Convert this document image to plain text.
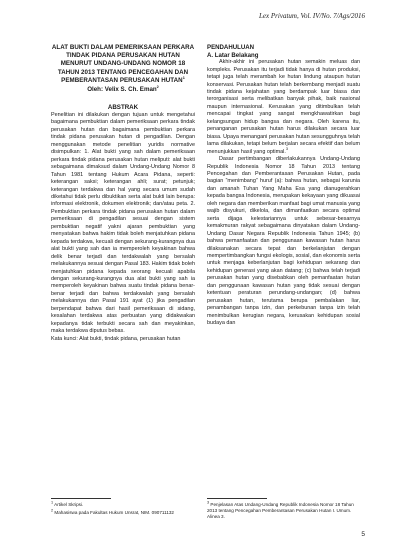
Lex Privatum, Vol. IV/No. 7/Ags/2016
ALAT BUKTI DALAM PEMERIKSAAN PERKARA TINDAK PIDANA PERUSAKAN HUTAN MENURUT UNDANG-UNDANG NOMOR 18 TAHUN 2013 TENTANG PENCEGAHAN DAN PEMBERANTASAN PERUSAKAN HUTAN$^1$
Oleh: Velix S. Ch. Eman$^2$
ABSTRAK

Penelitian ini dilakukan dengan tujuan untuk mengetahui bagaimana pembuktian dalam pemeriksaan perkara tindak perusakan hutan dan bagaimana pembuktian perkara tindak pidana perusakan hutan di pengadilan. Dengan menggunakan metode penelitian yuridis normative disimpulkan: 1. Alat bukti yang sah dalam pemeriksaan perkara tindak pidana perusakan hutan meliputi: alat bukti sebagaimana dimaksud dalam Undang-Undang Nomor 8 Tahun 1981 tentang Hukum Acara Pidana, seperti: keterangan saksi; keterangan ahli; surat; petunjuk; keterangan terdakwa dan hal yang secara umum sudah diketahui tidak perlu dibuktikan serta alat bukti lain berupa: informasi elektronik, dokumen elektronik; dan/atau peta. 2. Pembuktian perkara tindak pidana perusakan hutan dalam pemeriksaan di pengadilan sesuai dengan sistem pembuktian negatif yakni ajaran pembuktian yang menyatakan bahwa hakim tidak boleh menjatuhkan pidana kepada terdakwa, kecuali dengan sekurang-kurangnya dua alat bukti yang sah dan ia memperoleh keyakinan bahwa delik benar terjadi dan terdakwalah yang bersalah melakukannya sesuai dengan Pasal 183. Hakim tidak boleh menjatuhkan pidana kepada seorang kecuali apabila dengan sekurang-kurangnya dua alat bukti yang sah ia memperoleh keyakinan bahwa suatu tindak pidana benar-benar terjadi dan bahwa terdakwalah yang bersalah melakukannya dan Pasal 191 ayat (1) jika pengadilan berpendapat bahwa dari hasil pemeriksaan di sidang, kesalahan terdakwa atas perbuatan yang didakwakan kepadanya tidak terbukti secara sah dan meyakinkan, maka terdakwa diputus bebas.

Kata kunci: Alat bukti, tindak pidana, perusakan hutan
PENDAHULUAN
A. Latar Belakang

Akhir-akhir ini perusakan hutan semakin meluas dan kompleks. Perusakan itu terjadi tidak hanya di hutan produksi, tetapi juga telah merambah ke hutan lindung ataupun hutan konservasi. Perusakan hutan telah berkembang menjadi suatu tindak pidana kejahatan yang berdampak luar biasa dan terorganisasi serta melibatkan banyak pihak, baik nasional maupun internasional. Kerusakan yang ditimbulkan telah mencapai tingkat yang sangat mengkhawatirkan bagi kelangsungan hidup bangsa dan negara. Oleh karena itu, penanganan perusakan hutan harus dilakukan secara luar biasa. Upaya menangani perusakan hutan sesungguhnya telah lama dilakukan, tetapi belum berjalan secara efektif dan belum menunjukkan hasil yang optimal.$^3$

Dasar pertimbangan diberlakukannya Undang-Undang Republik Indonesia Nomor 18 Tahun 2013 tentang Pencegahan dan Pemberantasan Perusakan Hutan, pada bagian “menimbang” huruf (a): bahwa hutan, sebagai karunia dan amanah Tuhan Yang Maha Esa yang dianugerahkan kepada bangsa Indonesia, merupakan kekayaan yang dikuasai oleh negara dan memberikan manfaat bagi umat manusia yang wajib disyukuri, dikelola, dan dimanfaatkan secara optimal serta dijaga kelestariannya untuk sebesar-besarnya kemakmuran rakyat sebagaimana dinyatakan dalam Undang-Undang Dasar Negara Republik Indonesia Tahun 1945; (b) bahwa pemanfaatan dan penggunaan kawasan hutan harus dilaksanakan secara tepat dan berkelanjutan dengan mempertimbangkan fungsi ekologis, sosial, dan ekonomis serta untuk menjaga keberlanjutan bagi kehidupan sekarang dan kehidupan generasi yang akan datang; (c) bahwa telah terjadi perusakan hutan yang disebabkan oleh pemanfaatan hutan dan penggunaan kawasan hutan yang tidak sesuai dengan ketentuan peraturan perundang-undangan; (d) bahwa perusakan hutan, terutama berupa pembalakan liar, penambangan tanpa izin, dan perkebunan tanpa izin telah menimbulkan kerugian negara, kerusakan kehidupan sosial budaya dan

$^1$ Artikel Skripsi.

$^2$ Mahasiswa pada Fakultas Hukum Unsrat, NIM. 090711132

$^3$ Penjelasan Atas Undang-Undang Republik Indonesia Nomor 18 Tahun 2013 tentang Pencegahan Pemberantasan Perusakan Hutan I. Umum. Alinea 3.

5
